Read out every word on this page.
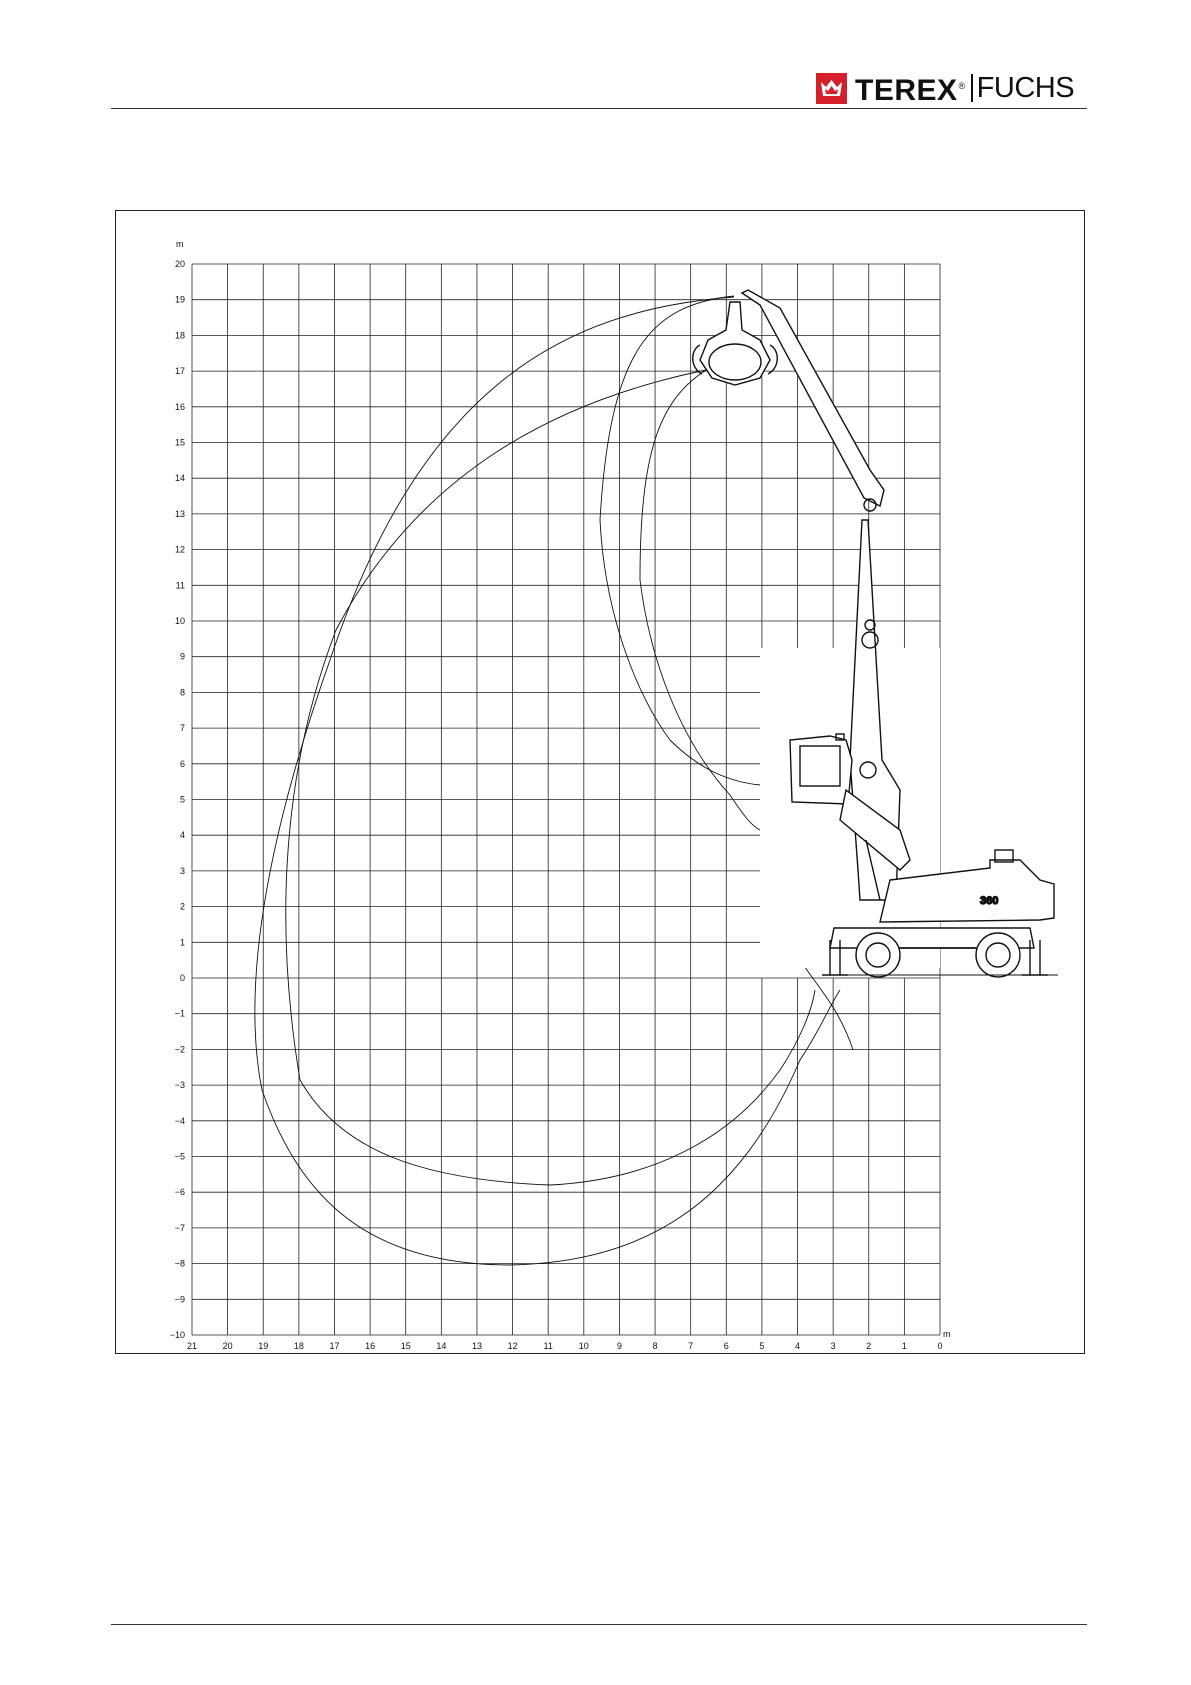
TEREX® FUCHS
20
19
18
17
16
15
14
13
12
11
10
9
8
7
6
5
4
3
2
1
0
−1
−2
−3
−4
−5
−6
−7
−8
−9
−10
21	20	19	18	17	16	15	14	13	12	11	10	9	8	7	6	5	4	3	2	1	0
m
m
360
